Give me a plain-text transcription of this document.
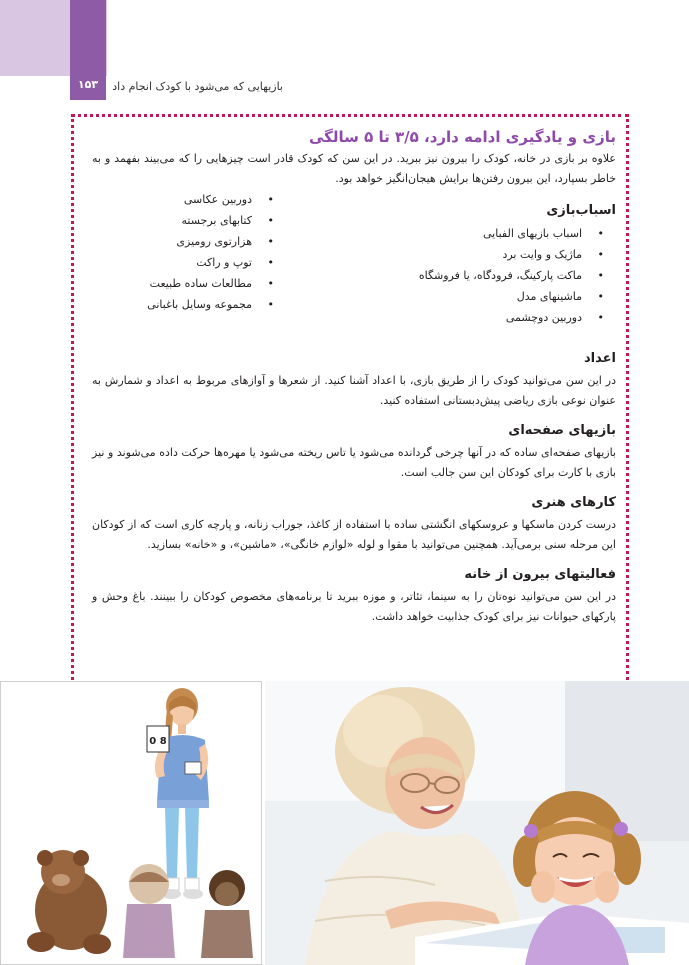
۱۵۳	بازیهایی که می‌شود با کودک انجام داد
بازی و یادگیری ادامه دارد، ۳/۵ تا ۵ سالگی

علاوه بر بازی در خانه، کودک را بیرون نیز ببرید. در این سن که کودک قادر است چیزهایی را که می‌بیند بفهمد و به خاطر بسپارد، این بیرون رفتن‌ها برایش هیجان‌انگیز خواهد بود.

اسباب‌بازی
•
اسباب بازیهای الفبایی
•
ماژیک و وایت برد
•
ماکت پارکینگ، فرودگاه، یا فروشگاه
•
ماشینهای مدل
•
دوربین دوچشمی
•
دوربین عکاسی
•
کتابهای برجسته
•
هزارتوی رومیزی
•
توپ و راکت
•
مطالعات ساده طبیعت
•
مجموعه وسایل باغبانی
اعداد

در این سن می‌توانید کودک را از طریق بازی، با اعداد آشنا کنید. از شعرها و آوازهای مربوط به اعداد و شمارش به عنوان نوعی بازی ریاضی پیش‌دبستانی استفاده کنید.

بازیهای صفحه‌ای

بازیهای صفحه‌ای ساده که در آنها چرخی گردانده می‌شود یا تاس ریخته می‌شود یا مهره‌ها حرکت داده می‌شوند و نیز بازی با کارت برای کودکان این سن جالب است.

کارهای هنری

درست کردن ماسکها و عروسکهای انگشتی ساده با استفاده از کاغذ، جوراب زنانه، و پارچه کاری است که از کودکان این مرحله سنی برمی‌آید. همچنین می‌توانید با مقوا و لوله «لوازم خانگی»، «ماشین»، و «خانه» بسازید.

فعالیتهای بیرون از خانه

در این سن می‌توانید نوه‌تان را به سینما، تئاتر، و موزه ببرید تا برنامه‌های مخصوص کودکان را ببینند. باغ وحش و پارکهای حیوانات نیز برای کودک جذابیت خواهد داشت.

0 8
